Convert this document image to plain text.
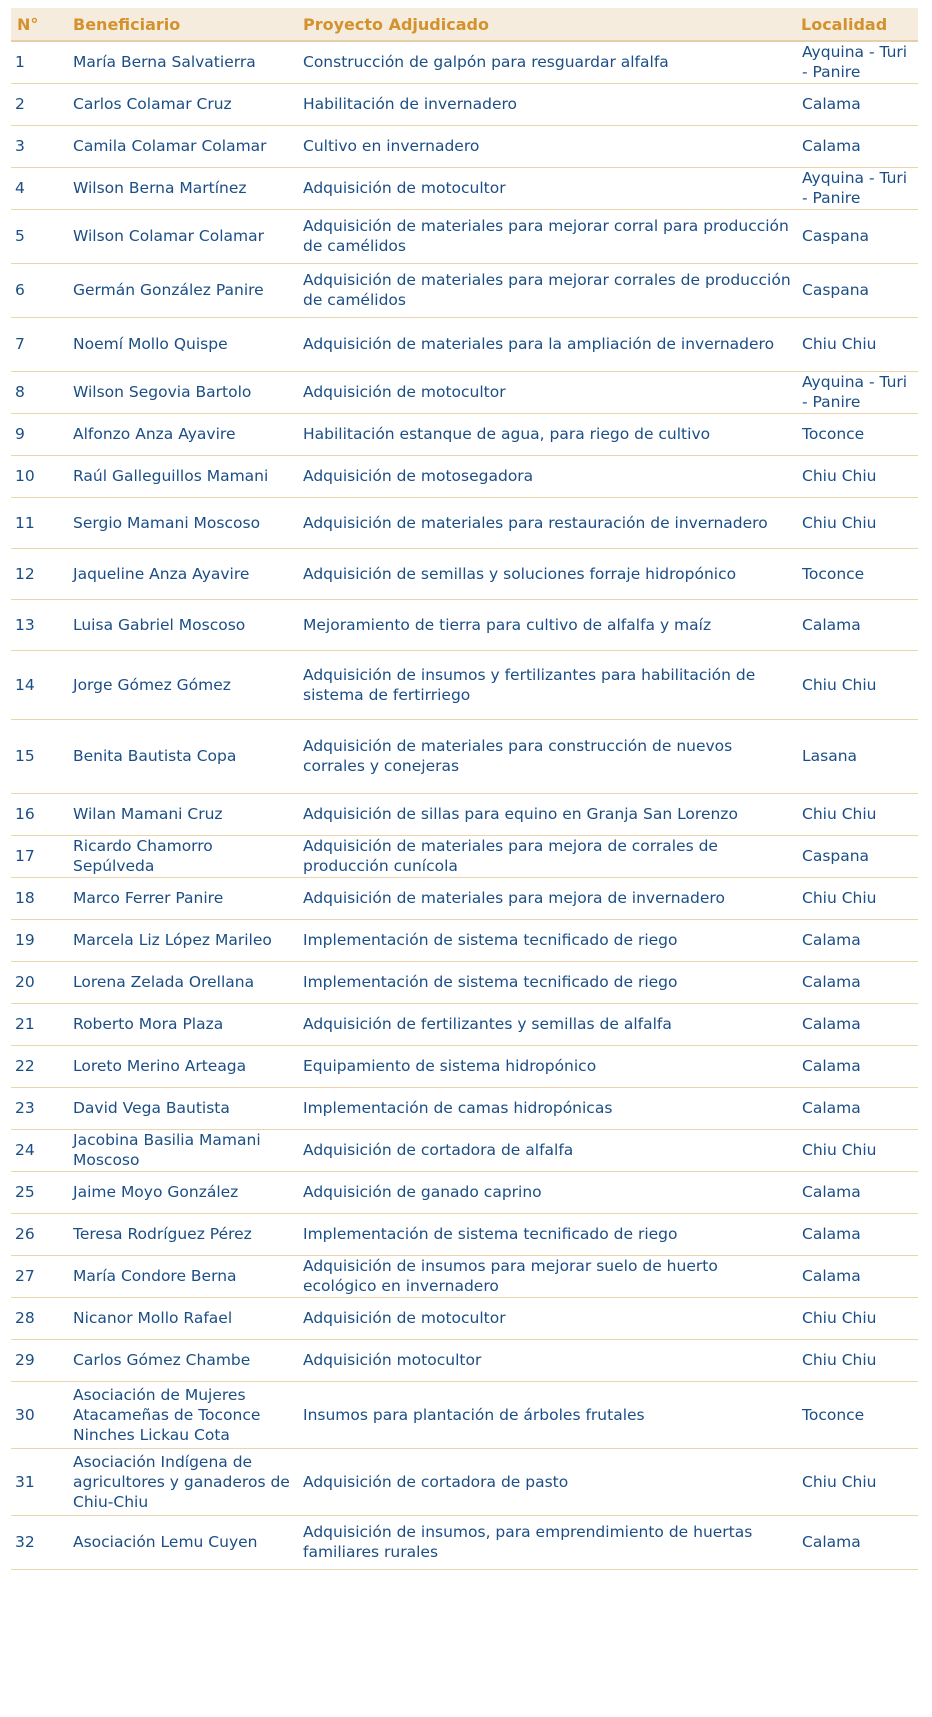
N°	Beneficiario	Proyecto Adjudicado	Localidad
1	María Berna Salvatierra	Construcción de galpón para resguardar alfalfa	Ayquina - Turi - Panire
2	Carlos Colamar Cruz	Habilitación de invernadero	Calama
3	Camila Colamar Colamar	Cultivo en invernadero	Calama
4	Wilson Berna Martínez	Adquisición de motocultor	Ayquina - Turi - Panire
5	Wilson Colamar Colamar	Adquisición de materiales para mejorar corral para producción de camélidos	Caspana
6	Germán González Panire	Adquisición de materiales para mejorar corrales de producción de camélidos	Caspana
7	Noemí Mollo Quispe	Adquisición de materiales para la ampliación de invernadero	Chiu Chiu
8	Wilson Segovia Bartolo	Adquisición de motocultor	Ayquina - Turi - Panire
9	Alfonzo Anza Ayavire	Habilitación estanque de agua, para riego de cultivo	Toconce
10	Raúl Galleguillos Mamani	Adquisición de motosegadora	Chiu Chiu
11	Sergio Mamani Moscoso	Adquisición de materiales para restauración de invernadero	Chiu Chiu
12	Jaqueline Anza Ayavire	Adquisición de semillas y soluciones forraje hidropónico	Toconce
13	Luisa Gabriel Moscoso	Mejoramiento de tierra para cultivo de alfalfa y maíz	Calama
14	Jorge Gómez Gómez	Adquisición de insumos y fertilizantes para habilitación de sistema de fertirriego	Chiu Chiu
15	Benita Bautista Copa	Adquisición de materiales para construcción de nuevos corrales y conejeras	Lasana
16	Wilan Mamani Cruz	Adquisición de sillas para equino en Granja San Lorenzo	Chiu Chiu
17	Ricardo Chamorro Sepúlveda	Adquisición de materiales para mejora de corrales de producción cunícola	Caspana
18	Marco Ferrer Panire	Adquisición de materiales para mejora de invernadero	Chiu Chiu
19	Marcela Liz López Marileo	Implementación de sistema tecnificado de riego	Calama
20	Lorena Zelada Orellana	Implementación de sistema tecnificado de riego	Calama
21	Roberto Mora Plaza	Adquisición de fertilizantes y semillas de alfalfa	Calama
22	Loreto Merino Arteaga	Equipamiento de sistema hidropónico	Calama
23	David Vega Bautista	Implementación de camas hidropónicas	Calama
24	Jacobina Basilia Mamani Moscoso	Adquisición de cortadora de alfalfa	Chiu Chiu
25	Jaime Moyo González	Adquisición de ganado caprino	Calama
26	Teresa Rodríguez Pérez	Implementación de sistema tecnificado de riego	Calama
27	María Condore Berna	Adquisición de insumos para mejorar suelo de huerto ecológico en invernadero	Calama
28	Nicanor Mollo Rafael	Adquisición de motocultor	Chiu Chiu
29	Carlos Gómez Chambe	Adquisición motocultor	Chiu Chiu
30	Asociación de Mujeres Atacameñas de Toconce Ninches Lickau Cota	Insumos para plantación de árboles frutales	Toconce
31	Asociación Indígena de agricultores y ganaderos de Chiu-Chiu	Adquisición de cortadora de pasto	Chiu Chiu
32	Asociación Lemu Cuyen	Adquisición de insumos, para emprendimiento de huertas familiares rurales	Calama
